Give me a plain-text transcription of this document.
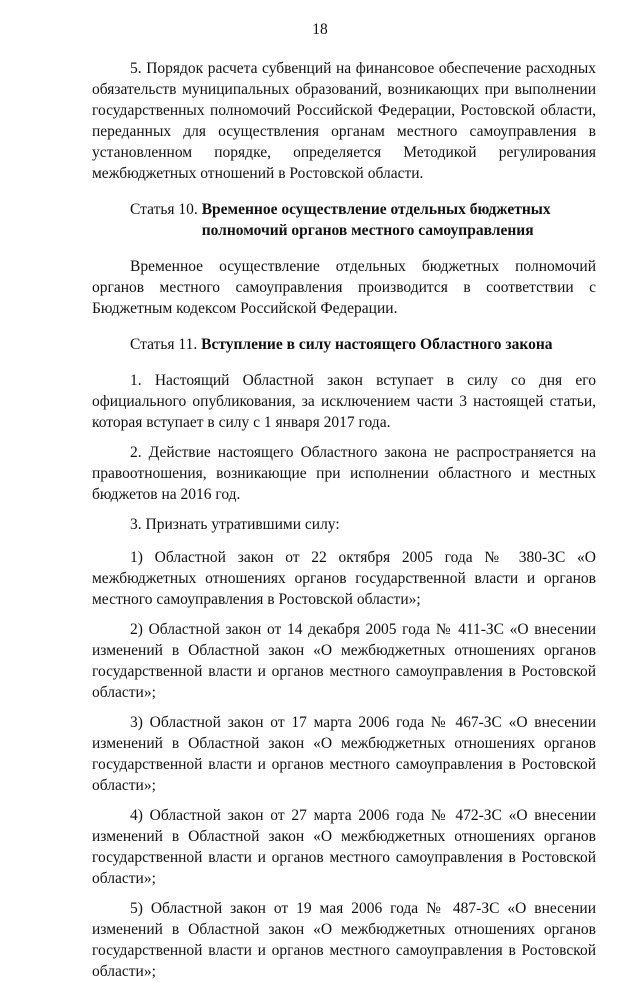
18

5. Порядок расчета субвенций на финансовое обеспечение расходных обязательств муниципальных образований, возникающих при выполнении государственных полномочий Российской Федерации, Ростовской области, переданных для осуществления органам местного самоуправления в установленном порядке, определяется Методикой регулирования межбюджетных отношений в Ростовской области.

Статья 10. Временное осуществление отдельных бюджетных полномочий органов местного самоуправления

Временное осуществление отдельных бюджетных полномочий органов местного самоуправления производится в соответствии с Бюджетным кодексом Российской Федерации.

Статья 11. Вступление в силу настоящего Областного закона

1. Настоящий Областной закон вступает в силу со дня его официального опубликования, за исключением части 3 настоящей статьи, которая вступает в силу с 1 января 2017 года.

2. Действие настоящего Областного закона не распространяется на правоотношения, возникающие при исполнении областного и местных бюджетов на 2016 год.

3. Признать утратившими силу:

1) Областной закон от 22 октября 2005 года № 380-ЗС «О межбюджетных отношениях органов государственной власти и органов местного самоуправления в Ростовской области»;

2) Областной закон от 14 декабря 2005 года № 411-ЗС «О внесении изменений в Областной закон «О межбюджетных отношениях органов государственной власти и органов местного самоуправления в Ростовской области»;

3) Областной закон от 17 марта 2006 года № 467-ЗС «О внесении изменений в Областной закон «О межбюджетных отношениях органов государственной власти и органов местного самоуправления в Ростовской области»;

4) Областной закон от 27 марта 2006 года № 472-ЗС «О внесении изменений в Областной закон «О межбюджетных отношениях органов государственной власти и органов местного самоуправления в Ростовской области»;

5) Областной закон от 19 мая 2006 года № 487-ЗС «О внесении изменений в Областной закон «О межбюджетных отношениях органов государственной власти и органов местного самоуправления в Ростовской области»;
